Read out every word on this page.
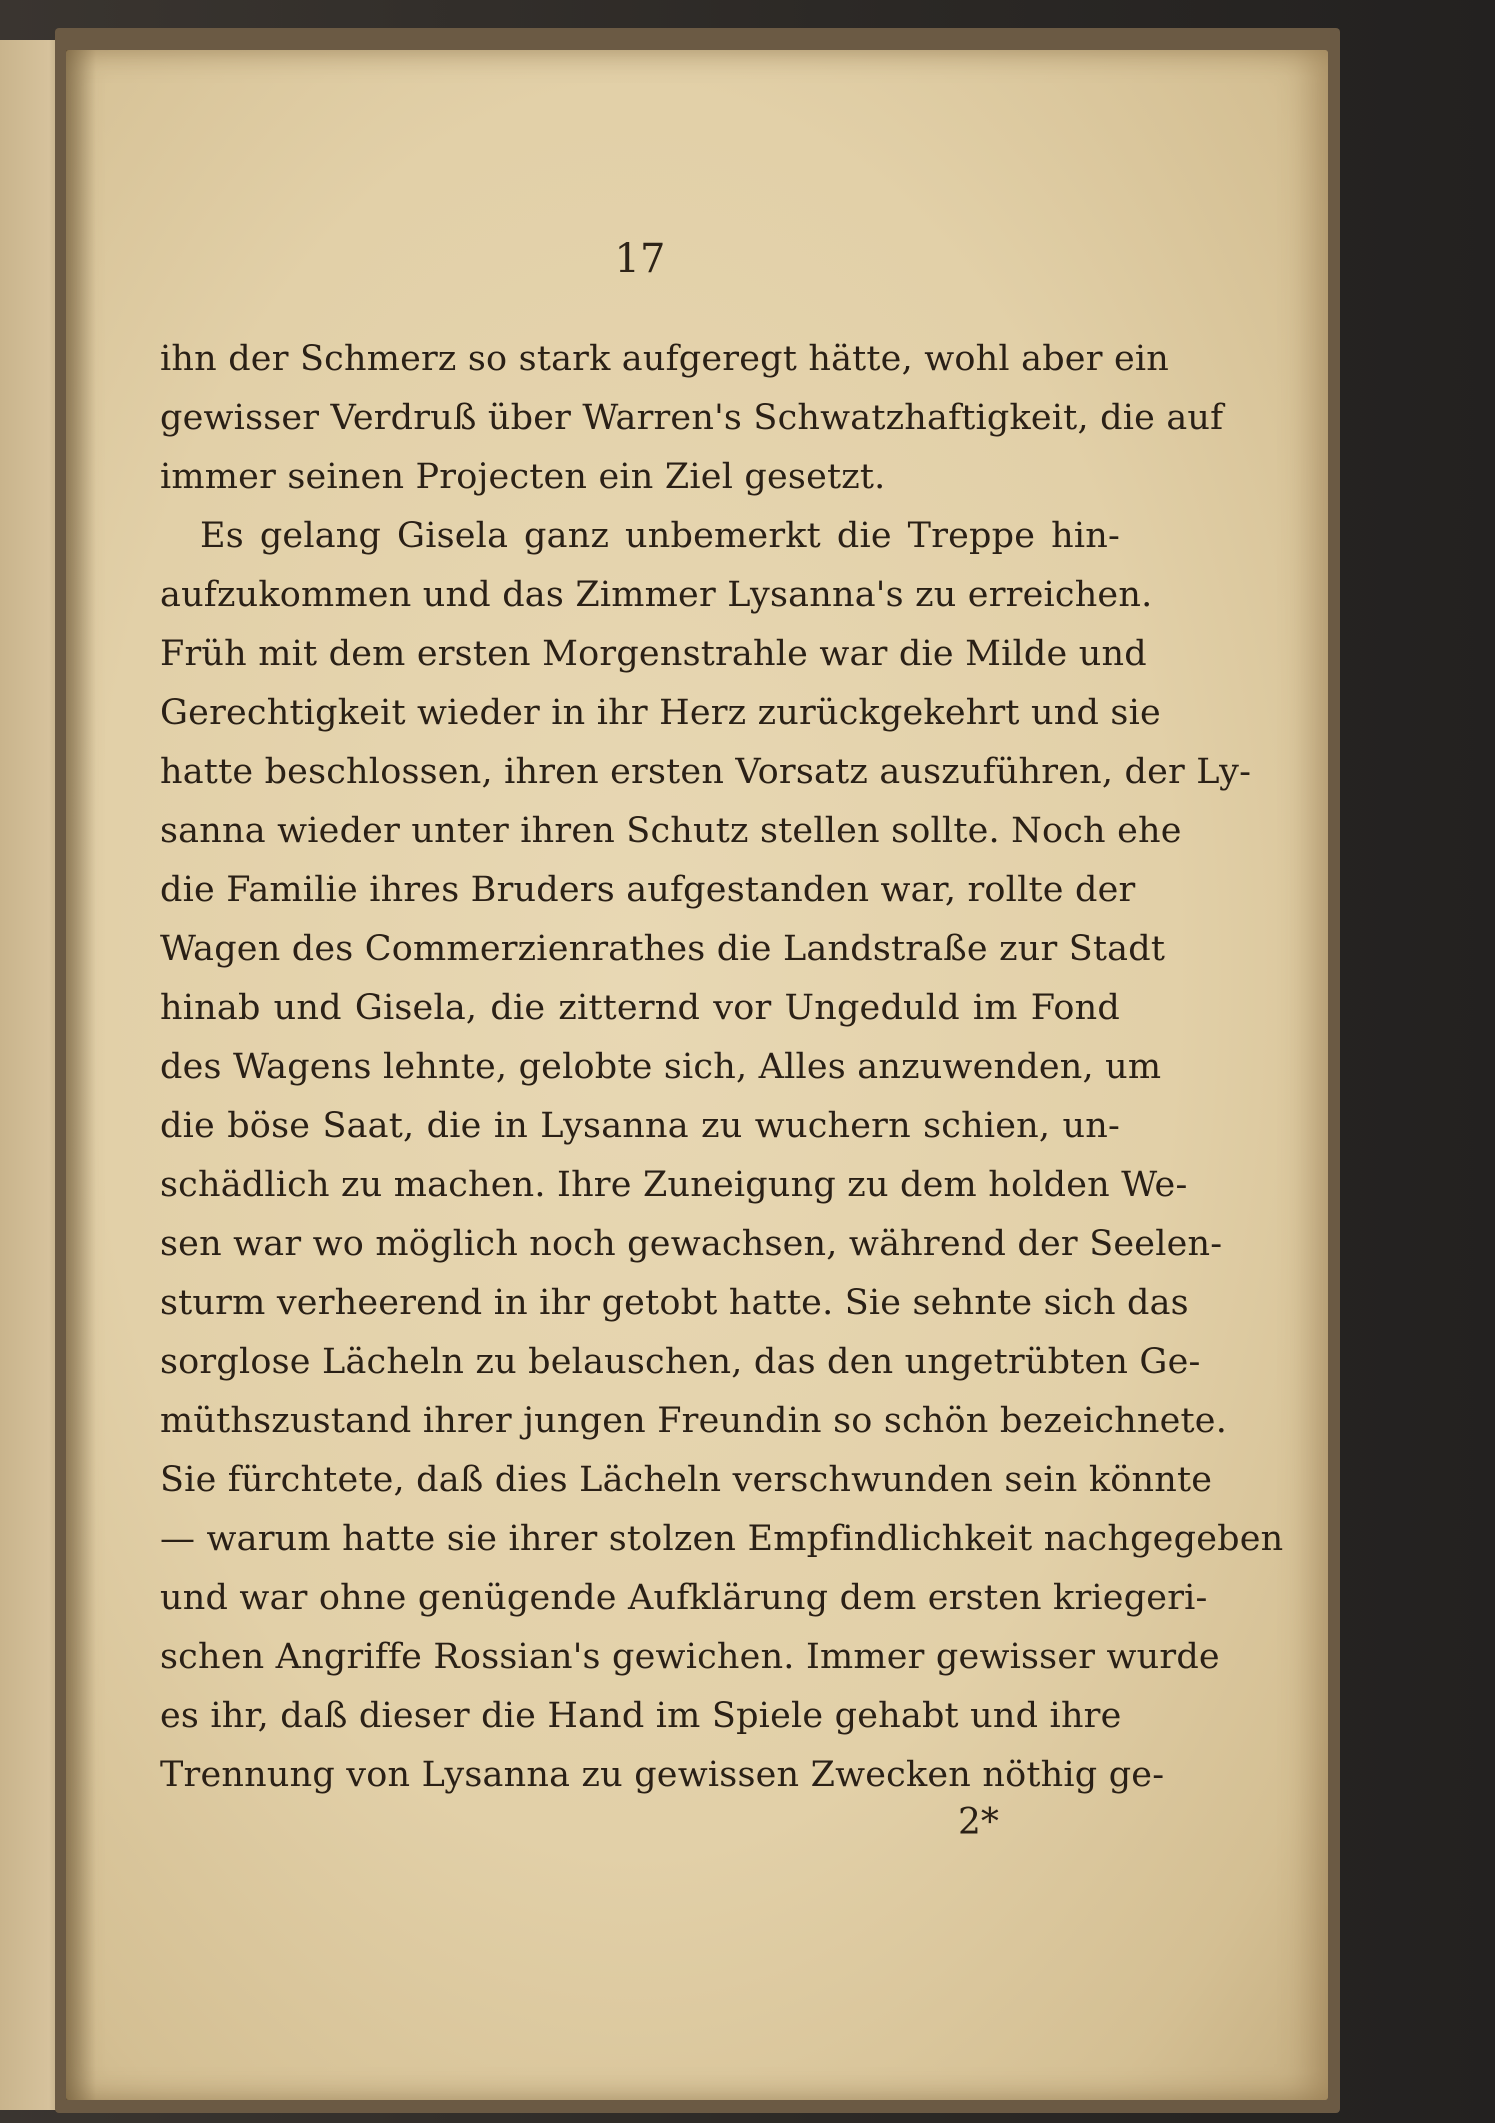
17
ihn der Schmerz so stark aufgeregt hätte, wohl aber ein
gewisser Verdruß über Warren's Schwatzhaftigkeit, die auf
immer seinen Projecten ein Ziel gesetzt.
Es gelang Gisela ganz unbemerkt die Treppe hin-
aufzukommen und das Zimmer Lysanna's zu erreichen.
Früh mit dem ersten Morgenstrahle war die Milde und
Gerechtigkeit wieder in ihr Herz zurückgekehrt und sie
hatte beschlossen, ihren ersten Vorsatz auszuführen, der Ly-
sanna wieder unter ihren Schutz stellen sollte. Noch ehe
die Familie ihres Bruders aufgestanden war, rollte der
Wagen des Commerzienrathes die Landstraße zur Stadt
hinab und Gisela, die zitternd vor Ungeduld im Fond
des Wagens lehnte, gelobte sich, Alles anzuwenden, um
die böse Saat, die in Lysanna zu wuchern schien, un-
schädlich zu machen. Ihre Zuneigung zu dem holden We-
sen war wo möglich noch gewachsen, während der Seelen-
sturm verheerend in ihr getobt hatte. Sie sehnte sich das
sorglose Lächeln zu belauschen, das den ungetrübten Ge-
müthszustand ihrer jungen Freundin so schön bezeichnete.
Sie fürchtete, daß dies Lächeln verschwunden sein könnte
— warum hatte sie ihrer stolzen Empfindlichkeit nachgegeben
und war ohne genügende Aufklärung dem ersten kriegeri-
schen Angriffe Rossian's gewichen. Immer gewisser wurde
es ihr, daß dieser die Hand im Spiele gehabt und ihre
Trennung von Lysanna zu gewissen Zwecken nöthig ge-
2*
